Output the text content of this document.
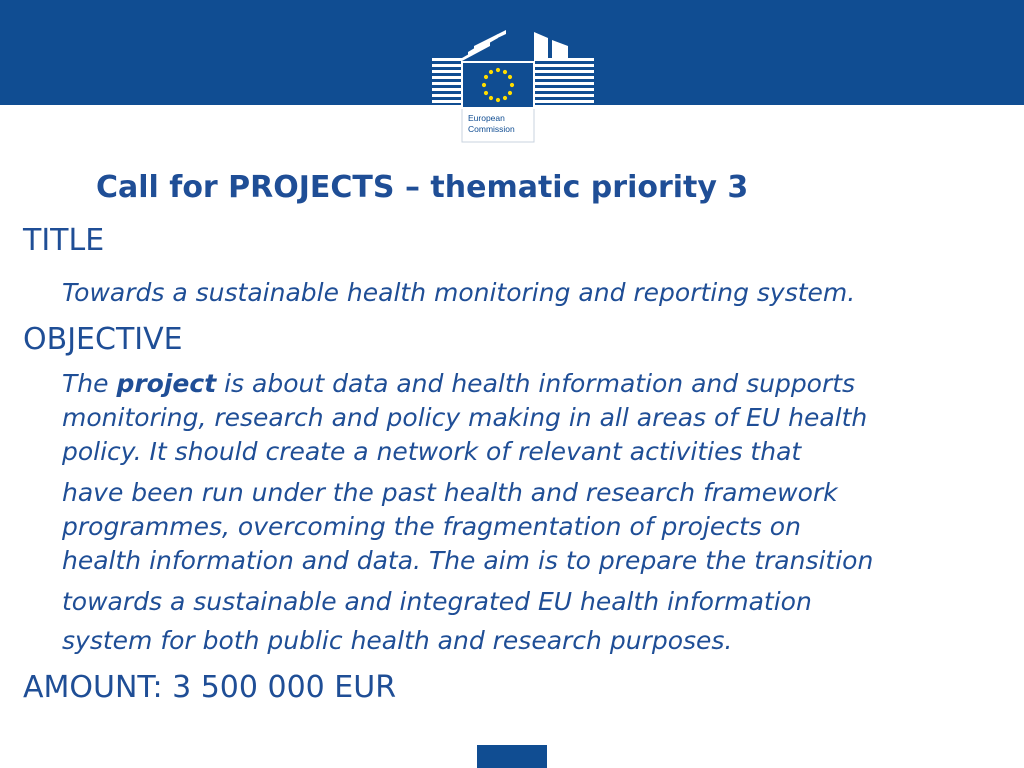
European
Commission
Call for PROJECTS – thematic priority 3
TITLE
Towards a sustainable health monitoring and reporting system.
OBJECTIVE
The project is about data and health information and supports
monitoring, research and policy making in all areas of EU health
policy. It should create a network of relevant activities that
have been run under the past health and research framework
programmes, overcoming the fragmentation of projects on
health information and data. The aim is to prepare the transition
towards a sustainable and integrated EU health information
system for both public health and research purposes.
AMOUNT: 3 500 000 EUR
